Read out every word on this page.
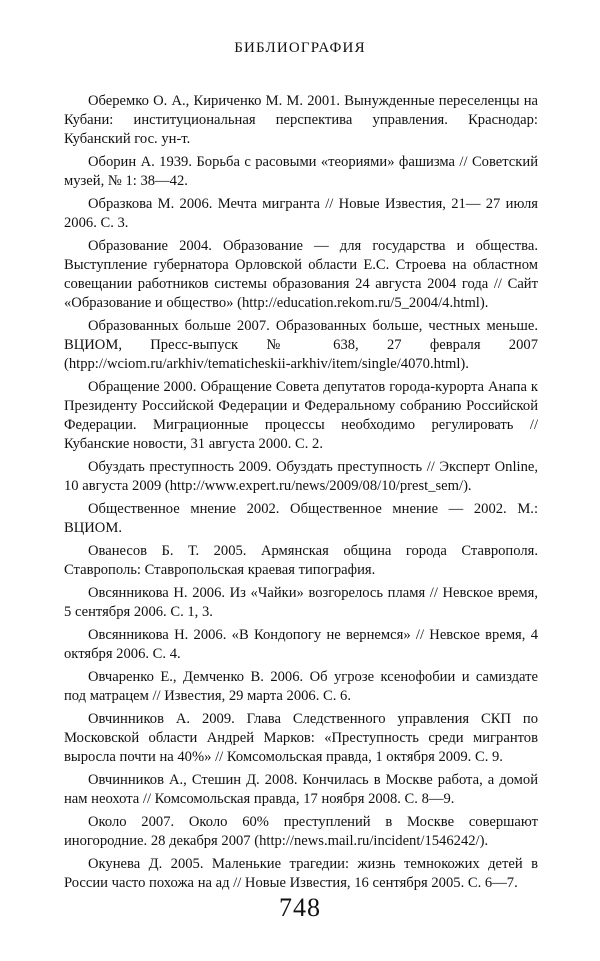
БИБЛИОГРАФИЯ
Оберемко О. А., Кириченко М. М. 2001. Вынужденные переселенцы на Кубани: институциональная перспектива управления. Краснодар: Кубанский гос. ун-т.
Оборин А. 1939. Борьба с расовыми «теориями» фашизма // Советский музей, № 1: 38—42.
Образкова М. 2006. Мечта мигранта // Новые Известия, 21— 27 июля 2006. С. 3.
Образование 2004. Образование — для государства и общества. Выступление губернатора Орловской области Е.С. Строева на областном совещании работников системы образования 24 августа 2004 года // Сайт «Образование и общество» (http://education.rekom.ru/5_2004/4.html).
Образованных больше 2007. Образованных больше, честных меньше. ВЦИОМ, Пресс-выпуск № 638, 27 февраля 2007 (htpp://wciom.ru/arkhiv/tematicheskii-arkhiv/item/single/4070.html).
Обращение 2000. Обращение Совета депутатов города-курорта Анапа к Президенту Российской Федерации и Федеральному собранию Российской Федерации. Миграционные процессы необходимо регулировать // Кубанские новости, 31 августа 2000. С. 2.
Обуздать преступность 2009. Обуздать преступность // Эксперт Online, 10 августа 2009 (http://www.expert.ru/news/2009/08/10/prest_sem/).
Общественное мнение 2002. Общественное мнение — 2002. М.: ВЦИОМ.
Ованесов Б. Т. 2005. Армянская община города Ставрополя. Ставрополь: Ставропольская краевая типография.
Овсянникова Н. 2006. Из «Чайки» возгорелось пламя // Невское время, 5 сентября 2006. С. 1, 3.
Овсянникова Н. 2006. «В Кондопогу не вернемся» // Невское время, 4 октября 2006. С. 4.
Овчаренко Е., Демченко В. 2006. Об угрозе ксенофобии и самиздате под матрацем // Известия, 29 марта 2006. С. 6.
Овчинников А. 2009. Глава Следственного управления СКП по Московской области Андрей Марков: «Преступность среди мигрантов выросла почти на 40%» // Комсомольская правда, 1 октября 2009. С. 9.
Овчинников А., Стешин Д. 2008. Кончилась в Москве работа, а домой нам неохота // Комсомольская правда, 17 ноября 2008. С. 8—9.
Около 2007. Около 60% преступлений в Москве совершают иногородние. 28 декабря 2007 (http://news.mail.ru/incident/1546242/).
Окунева Д. 2005. Маленькие трагедии: жизнь темнокожих детей в России часто похожа на ад // Новые Известия, 16 сентября 2005. С. 6—7.
748
